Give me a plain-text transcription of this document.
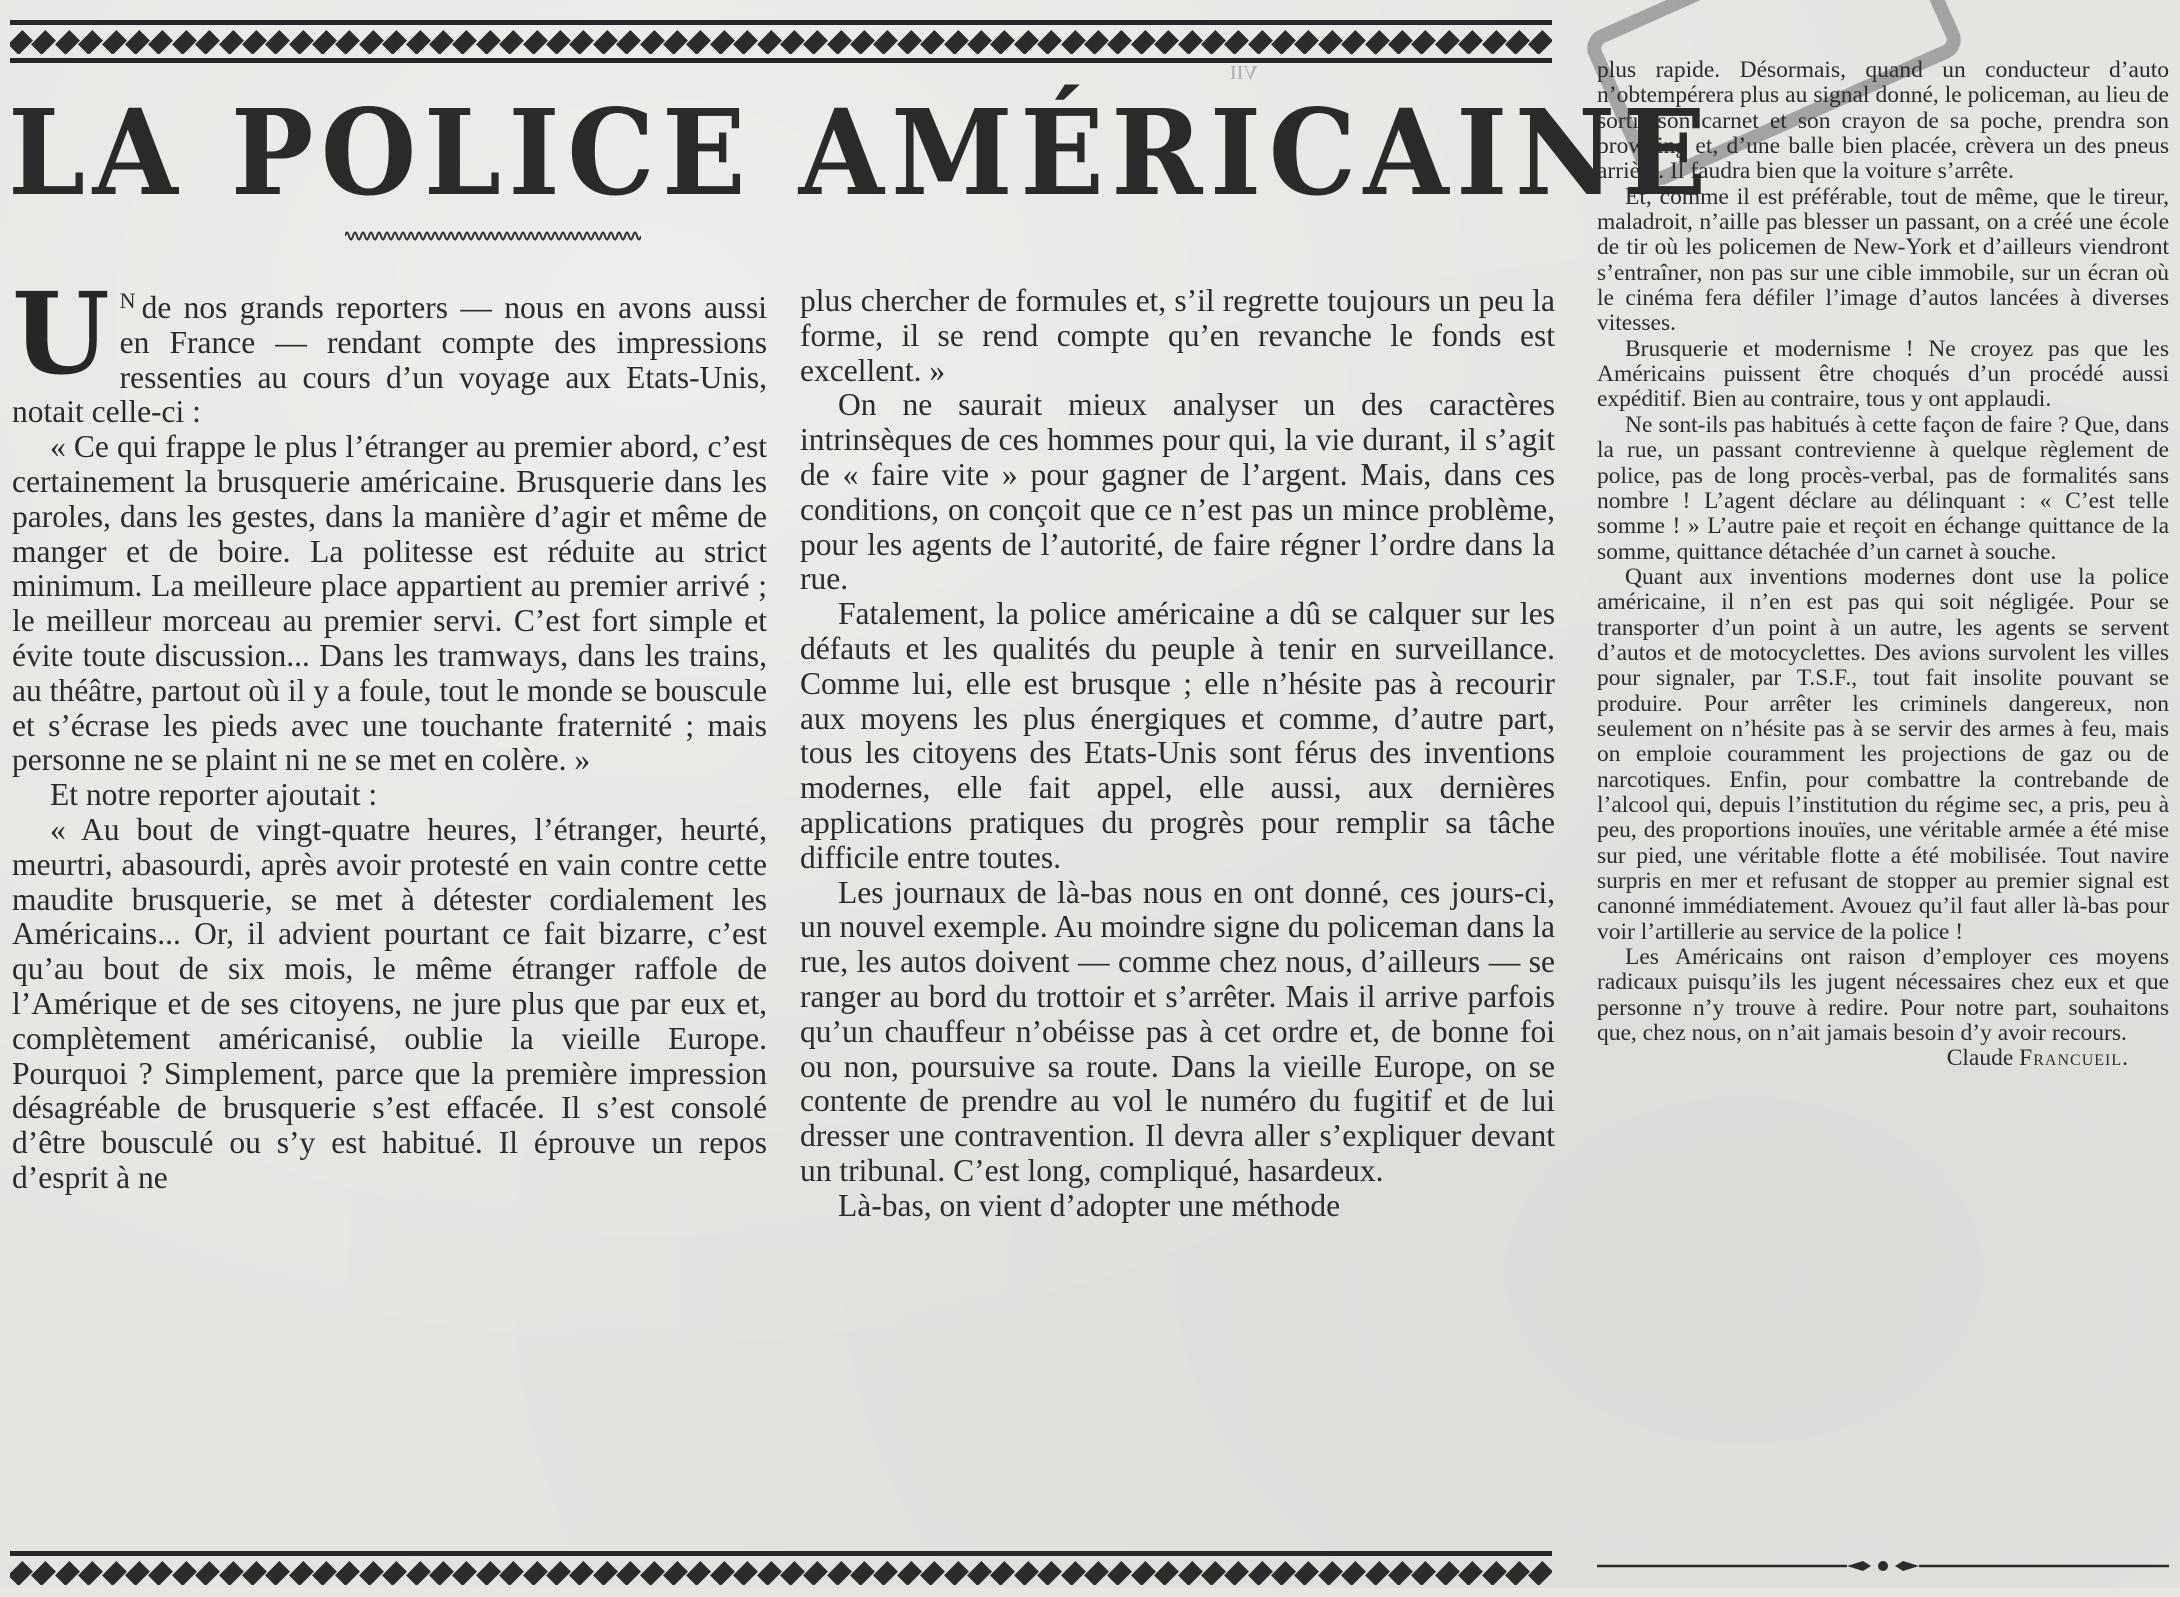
VII
LA POLICE AMÉRICAINE

U $^N$ de nos grands reporters — nous en avons aussi en France — rendant compte des impressions ressenties au cours d’un voyage aux Etats-Unis, notait celle-ci :

« Ce qui frappe le plus l’étranger au premier abord, c’est certainement la brusquerie américaine. Brusquerie dans les paroles, dans les gestes, dans la manière d’agir et même de manger et de boire. La politesse est réduite au strict minimum. La meilleure place appartient au premier arrivé ; le meilleur morceau au premier servi. C’est fort simple et évite toute discussion... Dans les tramways, dans les trains, au théâtre, partout où il y a foule, tout le monde se bouscule et s’écrase les pieds avec une touchante fraternité ; mais personne ne se plaint ni ne se met en colère. »

Et notre reporter ajoutait :

« Au bout de vingt-quatre heures, l’étranger, heurté, meurtri, abasourdi, après avoir protesté en vain contre cette maudite brusquerie, se met à détester cordialement les Américains... Or, il advient pourtant ce fait bizarre, c’est qu’au bout de six mois, le même étranger raffole de l’Amérique et de ses citoyens, ne jure plus que par eux et, complètement américanisé, oublie la vieille Europe. Pourquoi ? Simplement, parce que la première impression désagréable de brusquerie s’est effacée. Il s’est consolé d’être bousculé ou s’y est habitué. Il éprouve un repos d’esprit à ne

plus chercher de formules et, s’il regrette toujours un peu la forme, il se rend compte qu’en revanche le fonds est excellent. »

On ne saurait mieux analyser un des caractères intrinsèques de ces hommes pour qui, la vie durant, il s’agit de « faire vite » pour gagner de l’argent. Mais, dans ces conditions, on conçoit que ce n’est pas un mince problème, pour les agents de l’autorité, de faire régner l’ordre dans la rue.

Fatalement, la police américaine a dû se calquer sur les défauts et les qualités du peuple à tenir en surveillance. Comme lui, elle est brusque ; elle n’hésite pas à recourir aux moyens les plus énergiques et comme, d’autre part, tous les citoyens des Etats-Unis sont férus des inventions modernes, elle fait appel, elle aussi, aux dernières applications pratiques du progrès pour remplir sa tâche difficile entre toutes.

Les journaux de là-bas nous en ont donné, ces jours-ci, un nouvel exemple. Au moindre signe du policeman dans la rue, les autos doivent — comme chez nous, d’ailleurs — se ranger au bord du trottoir et s’arrêter. Mais il arrive parfois qu’un chauffeur n’obéisse pas à cet ordre et, de bonne foi ou non, poursuive sa route. Dans la vieille Europe, on se contente de prendre au vol le numéro du fugitif et de lui dresser une contravention. Il devra aller s’expliquer devant un tribunal. C’est long, compliqué, hasardeux.

Là-bas, on vient d’adopter une méthode

plus rapide. Désormais, quand un conducteur d’auto n’obtempérera plus au signal donné, le policeman, au lieu de sortir son carnet et son crayon de sa poche, prendra son browning et, d’une balle bien placée, crèvera un des pneus arrière. Il faudra bien que la voiture s’arrête.

Et, comme il est préférable, tout de même, que le tireur, maladroit, n’aille pas blesser un passant, on a créé une école de tir où les policemen de New-York et d’ailleurs viendront s’entraîner, non pas sur une cible immobile, sur un écran où le cinéma fera défiler l’image d’autos lancées à diverses vitesses.

Brusquerie et modernisme ! Ne croyez pas que les Américains puissent être choqués d’un procédé aussi expéditif. Bien au contraire, tous y ont applaudi.

Ne sont-ils pas habitués à cette façon de faire ? Que, dans la rue, un passant contrevienne à quelque règlement de police, pas de long procès-verbal, pas de formalités sans nombre ! L’agent déclare au délinquant : « C’est telle somme ! » L’autre paie et reçoit en échange quittance de la somme, quittance détachée d’un carnet à souche.

Quant aux inventions modernes dont use la police américaine, il n’en est pas qui soit négligée. Pour se transporter d’un point à un autre, les agents se servent d’autos et de motocyclettes. Des avions survolent les villes pour signaler, par T.S.F., tout fait insolite pouvant se produire. Pour arrêter les criminels dangereux, non seulement on n’hésite pas à se servir des armes à feu, mais on emploie couramment les projections de gaz ou de narcotiques. Enfin, pour combattre la contrebande de l’alcool qui, depuis l’institution du régime sec, a pris, peu à peu, des proportions inouïes, une véritable armée a été mise sur pied, une véritable flotte a été mobilisée. Tout navire surpris en mer et refusant de stopper au premier signal est canonné immédiatement. Avouez qu’il faut aller là-bas pour voir l’artillerie au service de la police !

Les Américains ont raison d’employer ces moyens radicaux puisqu’ils les jugent nécessaires chez eux et que personne n’y trouve à redire. Pour notre part, souhaitons que, chez nous, on n’ait jamais besoin d’y avoir recours.

Claude Francueil.
